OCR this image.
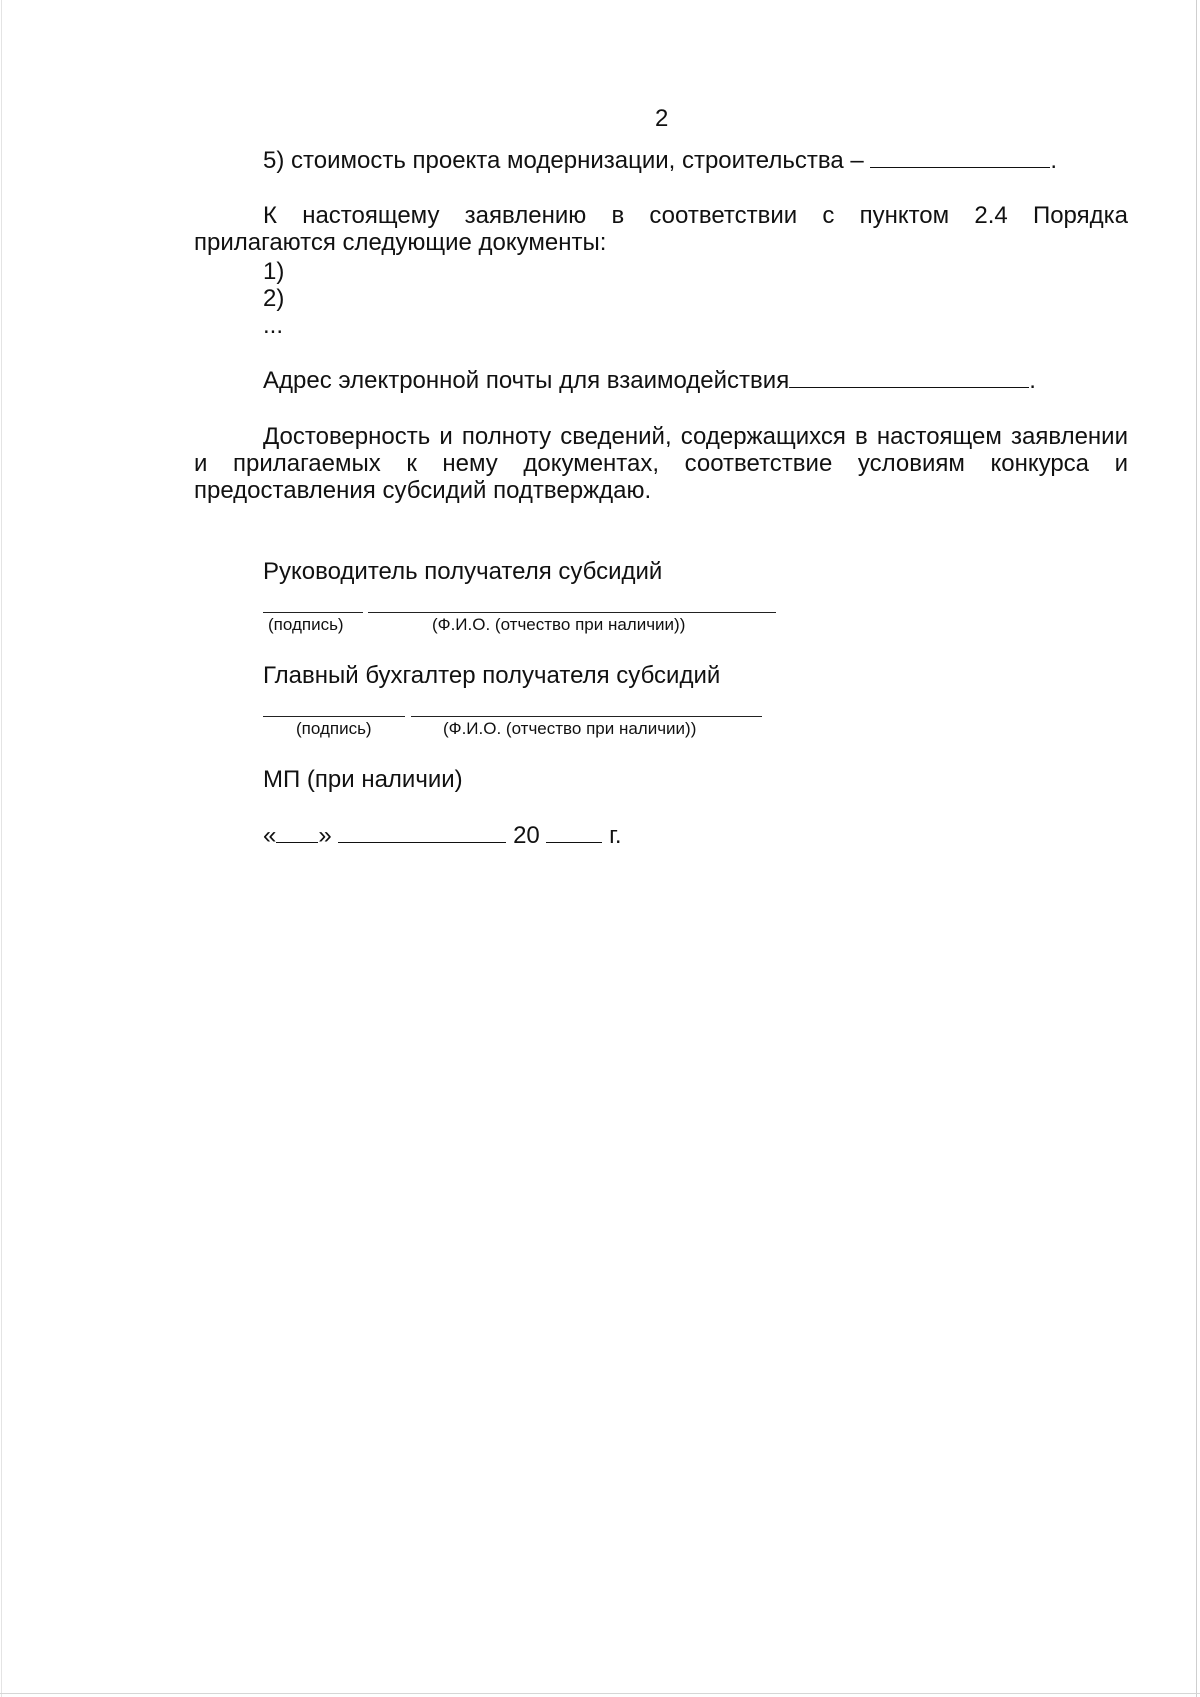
2
5) стоимость проекта модернизации, строительства –	.
К настоящему заявлению в соответствии с пунктом 2.4 Порядка прилагаются следующие документы:
1)
2)
...
Адрес электронной почты для взаимодействия	.
Достоверность и полноту сведений, содержащихся в настоящем заявлении и прилагаемых к нему документах, соответствие условиям конкурса и предоставления субсидий подтверждаю.
Руководитель получателя субсидий
(подпись)	(Ф.И.О. (отчество при наличии))
Главный бухгалтер получателя субсидий
(подпись)	(Ф.И.О. (отчество при наличии))
МП (при наличии)
« »	20	г.
